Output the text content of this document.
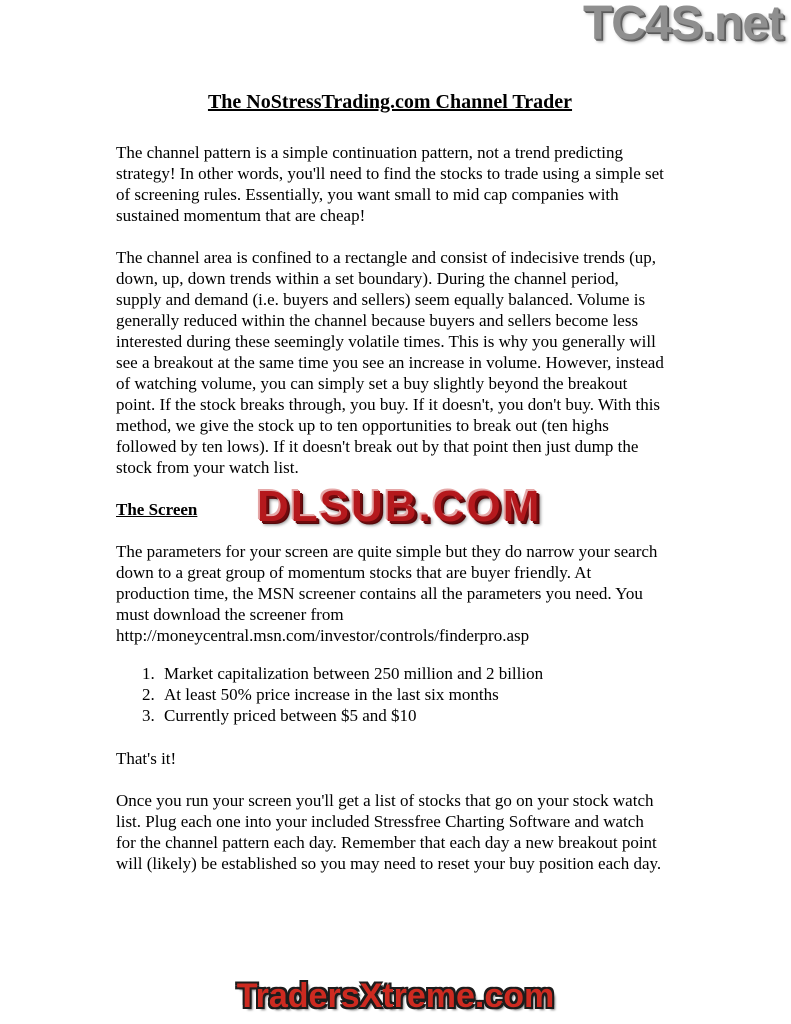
TC4S.net
The NoStressTrading.com Channel Trader

The channel pattern is a simple continuation pattern, not a trend predicting strategy! In other words, you'll need to find the stocks to trade using a simple set of screening rules. Essentially, you want small to mid cap companies with sustained momentum that are cheap!

The channel area is confined to a rectangle and consist of indecisive trends (up, down, up, down trends within a set boundary). During the channel period, supply and demand (i.e. buyers and sellers) seem equally balanced. Volume is generally reduced within the channel because buyers and sellers become less interested during these seemingly volatile times. This is why you generally will see a breakout at the same time you see an increase in volume. However, instead of watching volume, you can simply set a buy slightly beyond the breakout point. If the stock breaks through, you buy. If it doesn't, you don't buy. With this method, we give the stock up to ten opportunities to break out (ten highs followed by ten lows). If it doesn't break out by that point then just dump the stock from your watch list.

The Screen

The parameters for your screen are quite simple but they do narrow your search down to a great group of momentum stocks that are buyer friendly. At production time, the MSN screener contains all the parameters you need. You must download the screener from http://moneycentral.msn.com/investor/controls/finderpro.asp

1. Market capitalization between 250 million and 2 billion
2. At least 50% price increase in the last six months
3. Currently priced between $5 and $10

That's it!

Once you run your screen you'll get a list of stocks that go on your stock watch list. Plug each one into your included Stressfree Charting Software and watch for the channel pattern each day. Remember that each day a new breakout point will (likely) be established so you may need to reset your buy position each day.

DLSUB.COM
TradersXtreme.com
